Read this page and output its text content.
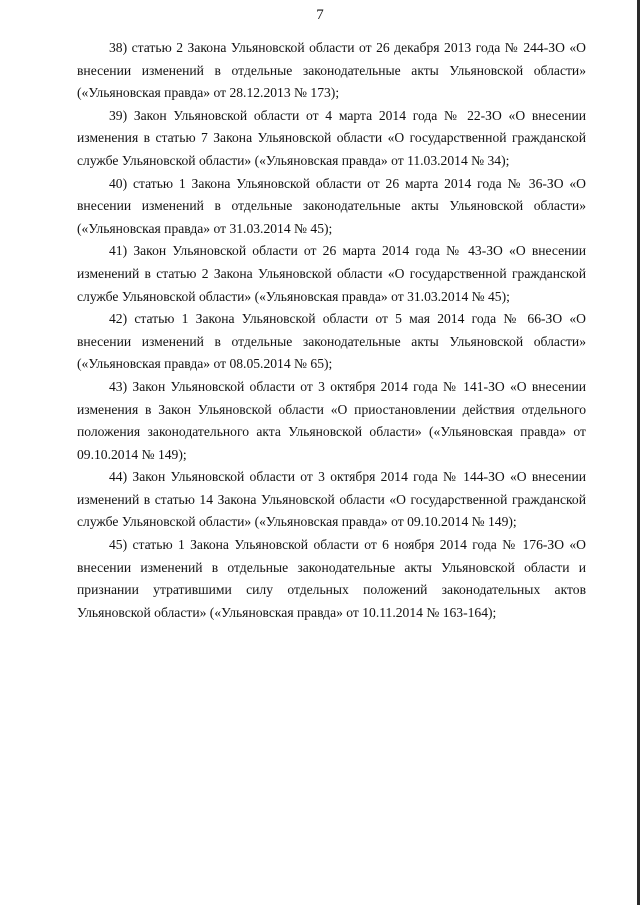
7

38) статью 2 Закона Ульяновской области от 26 декабря 2013 года № 244-ЗО «О внесении изменений в отдельные законодательные акты Ульяновской области» («Ульяновская правда» от 28.12.2013 № 173);

39) Закон Ульяновской области от 4 марта 2014 года № 22-ЗО «О внесении изменения в статью 7 Закона Ульяновской области «О государственной гражданской службе Ульяновской области» («Ульяновская правда» от 11.03.2014 № 34);

40) статью 1 Закона Ульяновской области от 26 марта 2014 года № 36-ЗО «О внесении изменений в отдельные законодательные акты Ульяновской области» («Ульяновская правда» от 31.03.2014 № 45);

41) Закон Ульяновской области от 26 марта 2014 года № 43-ЗО «О внесении изменений в статью 2 Закона Ульяновской области «О государственной гражданской службе Ульяновской области» («Ульяновская правда» от 31.03.2014 № 45);

42) статью 1 Закона Ульяновской области от 5 мая 2014 года № 66-ЗО «О внесении изменений в отдельные законодательные акты Ульяновской области» («Ульяновская правда» от 08.05.2014 № 65);

43) Закон Ульяновской области от 3 октября 2014 года № 141-ЗО «О внесении изменения в Закон Ульяновской области «О приостановлении действия отдельного положения законодательного акта Ульяновской области» («Ульяновская правда» от 09.10.2014 № 149);

44) Закон Ульяновской области от 3 октября 2014 года № 144-ЗО «О внесении изменений в статью 14 Закона Ульяновской области «О государственной гражданской службе Ульяновской области» («Ульяновская правда» от 09.10.2014 № 149);

45) статью 1 Закона Ульяновской области от 6 ноября 2014 года № 176-ЗО «О внесении изменений в отдельные законодательные акты Ульяновской области и признании утратившими силу отдельных положений законодательных актов Ульяновской области» («Ульяновская правда» от 10.11.2014 № 163-164);
